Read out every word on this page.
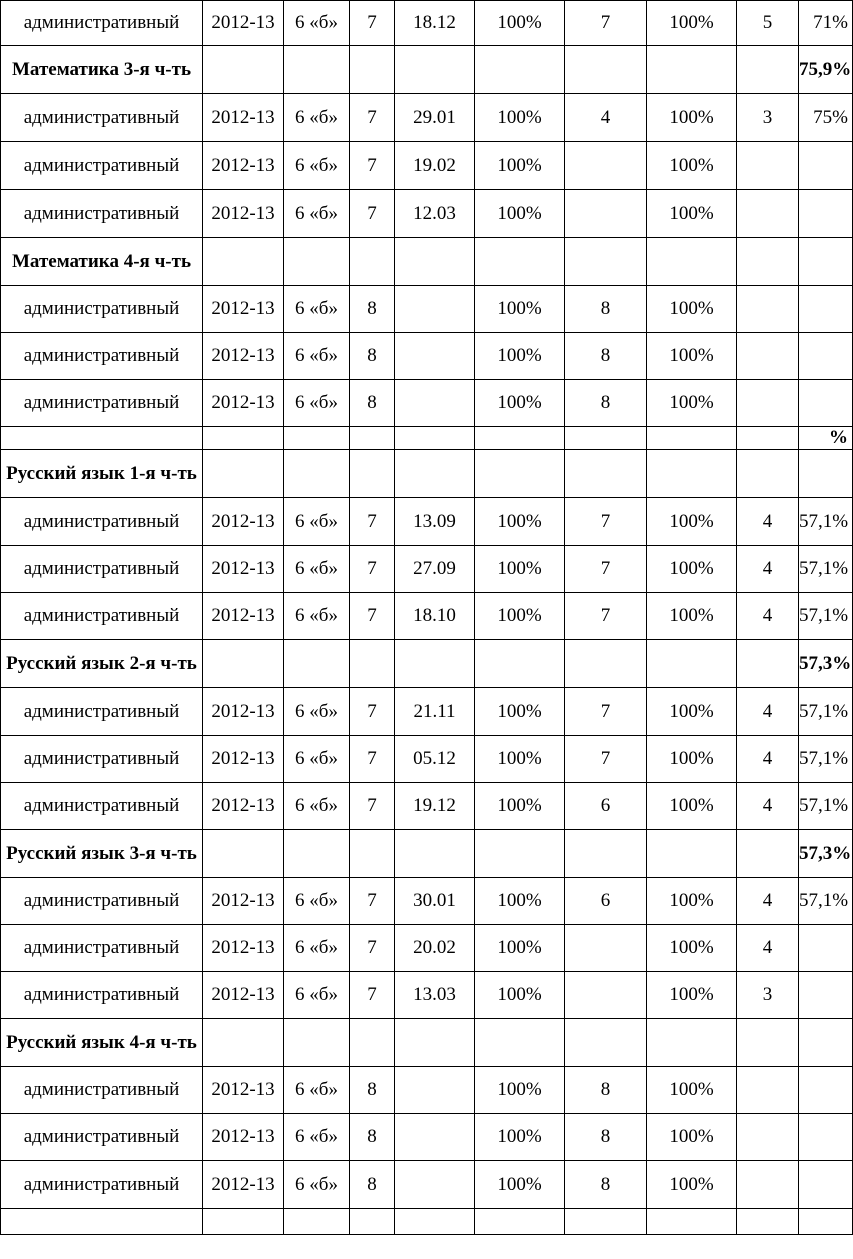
административный	2012-13	6 «б»	7	18.12	100%	7	100%	5	71%
Математика 3-я ч-ть									75,9%
административный	2012-13	6 «б»	7	29.01	100%	4	100%	3	75%
административный	2012-13	6 «б»	7	19.02	100%		100%		
административный	2012-13	6 «б»	7	12.03	100%		100%		
Математика 4-я ч-ть									
административный	2012-13	6 «б»	8		100%	8	100%		
административный	2012-13	6 «б»	8		100%	8	100%		
административный	2012-13	6 «б»	8		100%	8	100%		
									%
Русский язык 1-я ч-ть									
административный	2012-13	6 «б»	7	13.09	100%	7	100%	4	57,1%
административный	2012-13	6 «б»	7	27.09	100%	7	100%	4	57,1%
административный	2012-13	6 «б»	7	18.10	100%	7	100%	4	57,1%
Русский язык 2-я ч-ть									57,3%
административный	2012-13	6 «б»	7	21.11	100%	7	100%	4	57,1%
административный	2012-13	6 «б»	7	05.12	100%	7	100%	4	57,1%
административный	2012-13	6 «б»	7	19.12	100%	6	100%	4	57,1%
Русский язык 3-я ч-ть									57,3%
административный	2012-13	6 «б»	7	30.01	100%	6	100%	4	57,1%
административный	2012-13	6 «б»	7	20.02	100%		100%	4	
административный	2012-13	6 «б»	7	13.03	100%		100%	3	
Русский язык 4-я ч-ть									
административный	2012-13	6 «б»	8		100%	8	100%		
административный	2012-13	6 «б»	8		100%	8	100%		
административный	2012-13	6 «б»	8		100%	8	100%		
